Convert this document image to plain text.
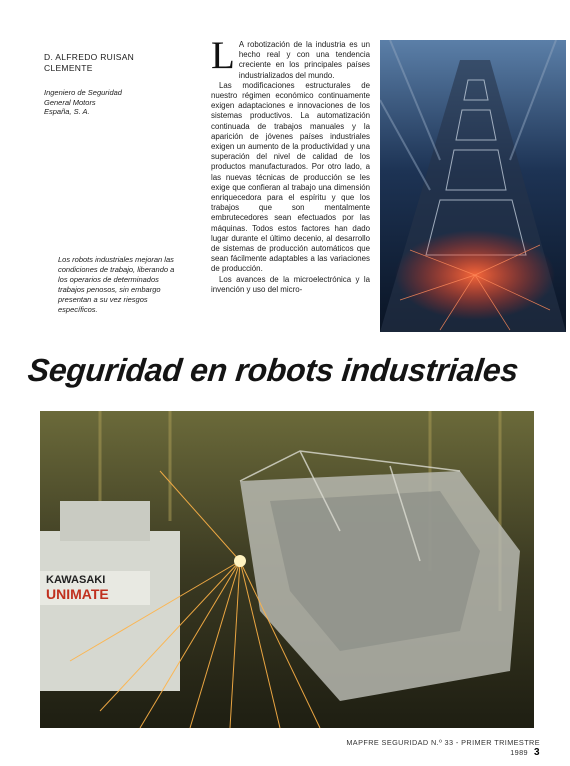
D. ALFREDO RUISAN
CLEMENTE
Ingeniero de Seguridad
General Motors
España, S. A.
Los robots industriales mejoran las condiciones de trabajo, liberando a los operarios de determinados trabajos penosos, sin embargo presentan a su vez riesgos específicos.

L A robotización de la industria es un hecho real y con una tendencia creciente en los principales países industrializados del mundo.

Las modificaciones estructurales de nuestro régimen económico continuamente exigen adaptaciones e innovaciones de los sistemas productivos. La automatización continuada de trabajos manuales y la aparición de jóvenes países industriales exigen un aumento de la productividad y una superación del nivel de calidad de los productos manufacturados. Por otro lado, a las nuevas técnicas de producción se les exige que confieran al trabajo una dimensión enriquecedora para el espíritu y que los trabajos que son mentalmente embrutecedores sean efectuados por las máquinas. Todos estos factores han dado lugar durante el último decenio, al desarrollo de sistemas de producción automáticos que sean fácilmente adaptables a las variaciones de producción.

Los avances de la microelectrónica y la invención y uso del micro-

Seguridad en robots industriales
KAWASAKI
UNIMATE
MAPFRE SEGURIDAD N.º 33 - PRIMER TRIMESTRE 1989 3
